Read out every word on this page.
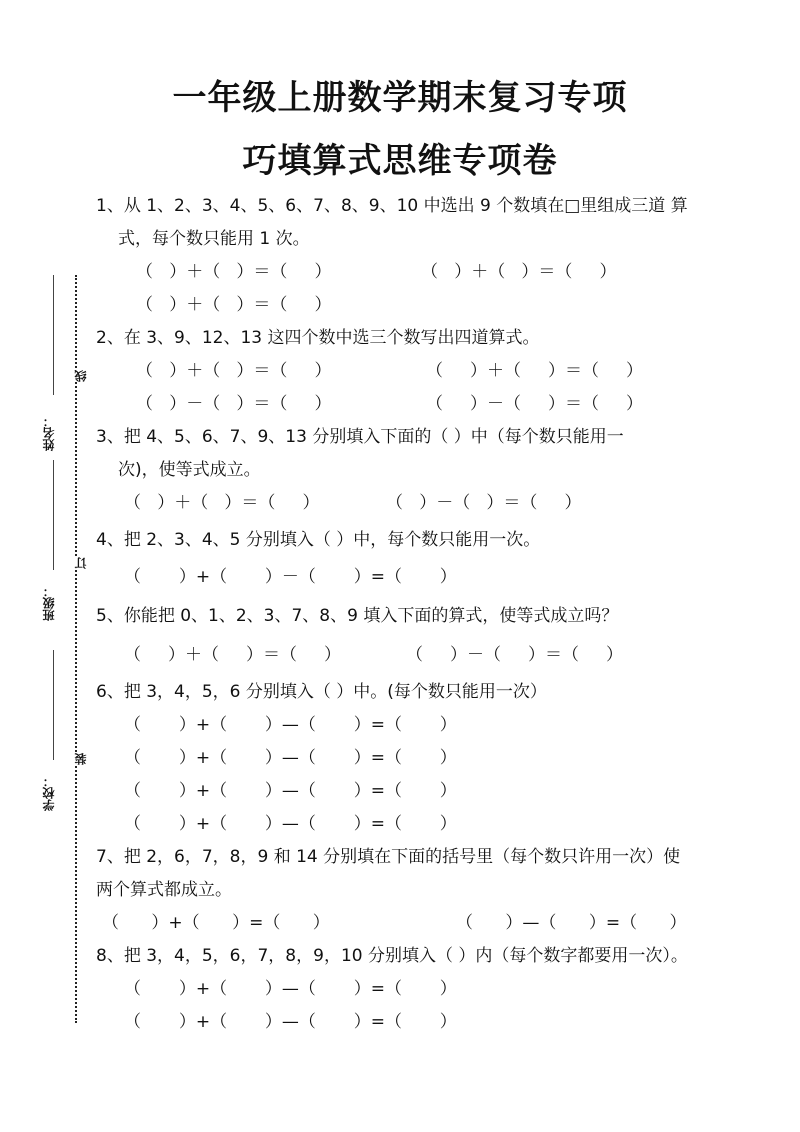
一年级上册数学期末复习专项
巧填算式思维专项卷
姓名：
线
班级：
订
学校：
装
1、从 1、2、3、4、5、6、7、8、9、10 中选出 9 个数填在□里组成三道 算
式，每个数只能用 1 次。
（   ）＋（   ）＝（     ）	（   ）＋（   ）＝（     ）
（   ）＋（   ）＝（     ）
2、在 3、9、12、13 这四个数中选三个数写出四道算式。
（   ）＋（   ）＝（     ）	（     ）＋（     ）＝（     ）
（   ）－（   ）＝（     ）	（     ）－（     ）＝（     ）
3、把 4、5、6、7、9、13 分别填入下面的（ ）中（每个数只能用一
次)，使等式成立。
（   ）＋（   ）＝（     ）	（   ）－（   ）＝（     ）
4、把 2、3、4、5 分别填入（ ）中，每个数只能用一次。
（       ）+（       ）－（       ）=（       ）
5、你能把 0、1、2、3、7、8、9 填入下面的算式，使等式成立吗？
（     ）＋（     ）＝（     ）	（     ）－（     ）＝（     ）
6、把 3，4，5，6 分别填入（ ）中。(每个数只能用一次）
（       ）+（       ）—（       ）=（       ）
（       ）+（       ）—（       ）=（       ）
（       ）+（       ）—（       ）=（       ）
（       ）+（       ）—（       ）=（       ）
7、把 2，6，7，8，9 和 14 分别填在下面的括号里（每个数只许用一次）使
两个算式都成立。
（      ）+（      ）=（      ）	（      ）—（      ）=（      ）
8、把 3，4，5，6，7，8，9，10 分别填入（ ）内（每个数字都要用一次）。
（       ）+（       ）—（       ）=（       ）
（       ）+（       ）—（       ）=（       ）
